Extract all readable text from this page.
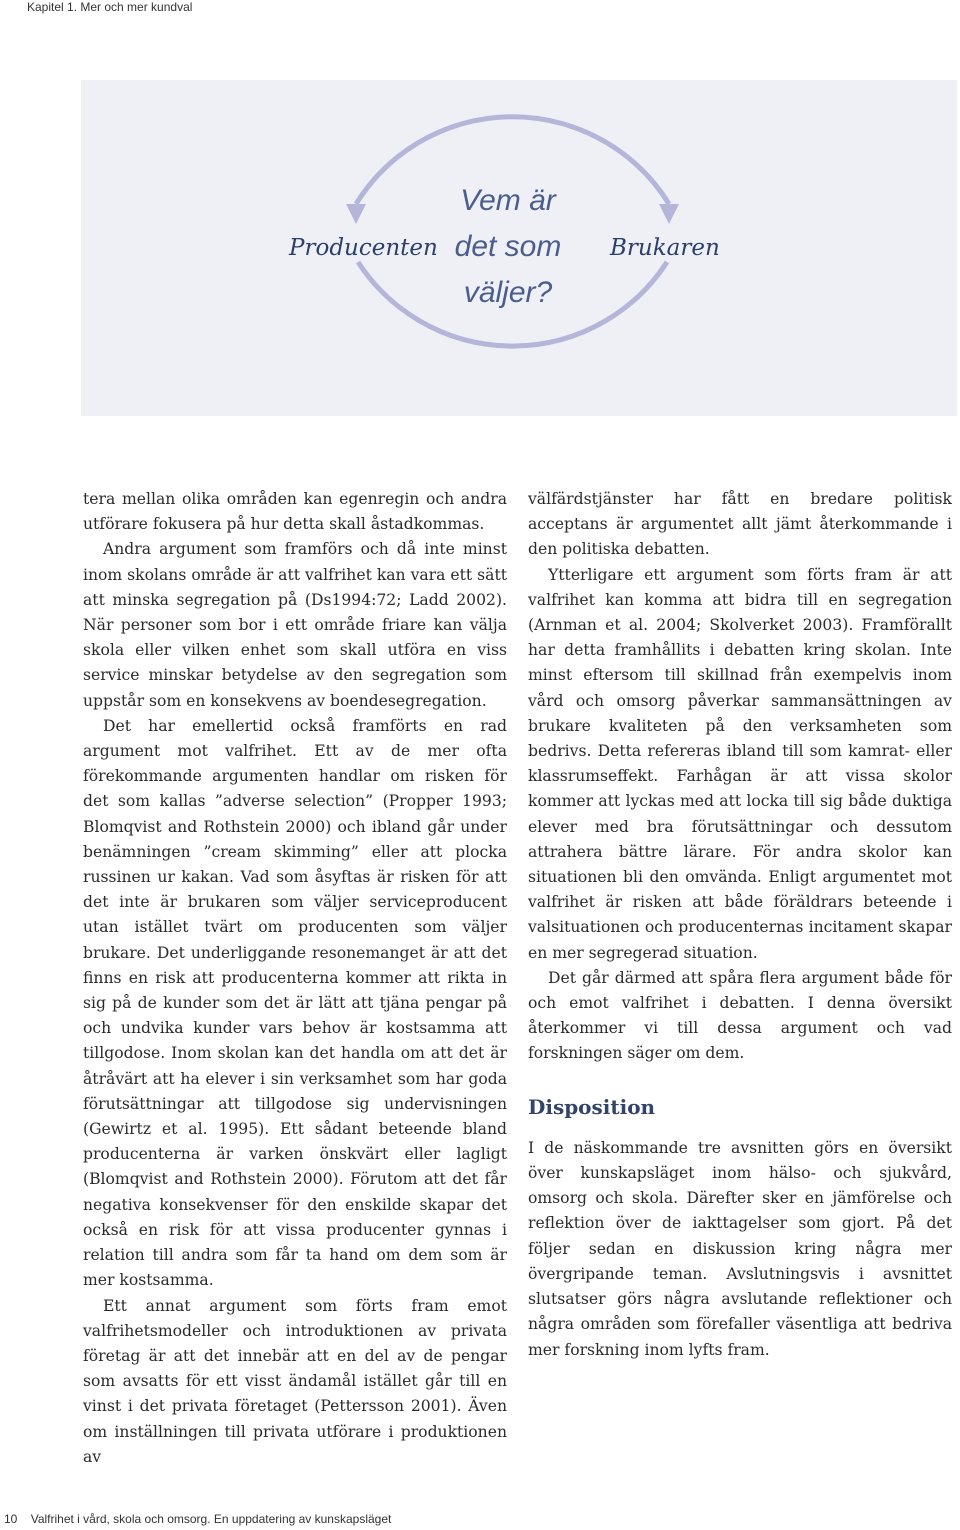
Kapitel 1. Mer och mer kundval
Producenten
Vem är
det som
väljer?
Brukaren

tera mellan olika områden kan egenregin och andra utförare fokusera på hur detta skall åstadkommas.

Andra argument som framförs och då inte minst inom skolans område är att valfrihet kan vara ett sätt att minska segregation på (Ds1994:72; Ladd 2002). När personer som bor i ett område friare kan välja skola eller vilken enhet som skall utföra en viss service minskar betydelse av den segregation som uppstår som en konsekvens av boendesegregation.

Det har emellertid också framförts en rad argument mot valfrihet. Ett av de mer ofta förekommande argumenten handlar om risken för det som kallas ”adverse selection” (Propper 1993; Blomqvist and Rothstein 2000) och ibland går under benämningen ”cream skimming” eller att plocka russinen ur kakan. Vad som åsyftas är risken för att det inte är brukaren som väljer serviceproducent utan istället tvärt om producenten som väljer brukare. Det underliggande resonemanget är att det finns en risk att producenterna kommer att rikta in sig på de kunder som det är lätt att tjäna pengar på och undvika kunder vars behov är kostsamma att tillgodose. Inom skolan kan det handla om att det är åtråvärt att ha elever i sin verksamhet som har goda förutsättningar att tillgodose sig undervisningen (Gewirtz et al. 1995). Ett sådant beteende bland producenterna är varken önskvärt eller lagligt (Blomqvist and Rothstein 2000). Förutom att det får negativa konsekvenser för den enskilde skapar det också en risk för att vissa producenter gynnas i relation till andra som får ta hand om dem som är mer kostsamma.

Ett annat argument som förts fram emot valfrihetsmodeller och introduktionen av privata företag är att det innebär att en del av de pengar som avsatts för ett visst ändamål istället går till en vinst i det privata företaget (Pettersson 2001). Även om inställningen till privata utförare i produktionen av

välfärdstjänster har fått en bredare politisk acceptans är argumentet allt jämt återkommande i den politiska debatten.

Ytterligare ett argument som förts fram är att valfrihet kan komma att bidra till en segregation (Arnman et al. 2004; Skolverket 2003). Framförallt har detta framhållits i debatten kring skolan. Inte minst eftersom till skillnad från exempelvis inom vård och omsorg påverkar sammansättningen av brukare kvaliteten på den verksamheten som bedrivs. Detta refereras ibland till som kamrat- eller klassrumseffekt. Farhågan är att vissa skolor kommer att lyckas med att locka till sig både duktiga elever med bra förutsättningar och dessutom attrahera bättre lärare. För andra skolor kan situationen bli den omvända. Enligt argumentet mot valfrihet är risken att både föräldrars beteende i valsituationen och producenternas incitament skapar en mer segregerad situation.

Det går därmed att spåra flera argument både för och emot valfrihet i debatten. I denna översikt återkommer vi till dessa argument och vad forskningen säger om dem.

Disposition

I de näskommande tre avsnitten görs en översikt över kunskapsläget inom hälso- och sjukvård, omsorg och skola. Därefter sker en jämförelse och reflektion över de iakttagelser som gjort. På det följer sedan en diskussion kring några mer övergripande teman. Avslutningsvis i avsnittet slutsatser görs några avslutande reflektioner och några områden som förefaller väsentliga att bedriva mer forskning inom lyfts fram.

10 Valfrihet i vård, skola och omsorg. En uppdatering av kunskapsläget
